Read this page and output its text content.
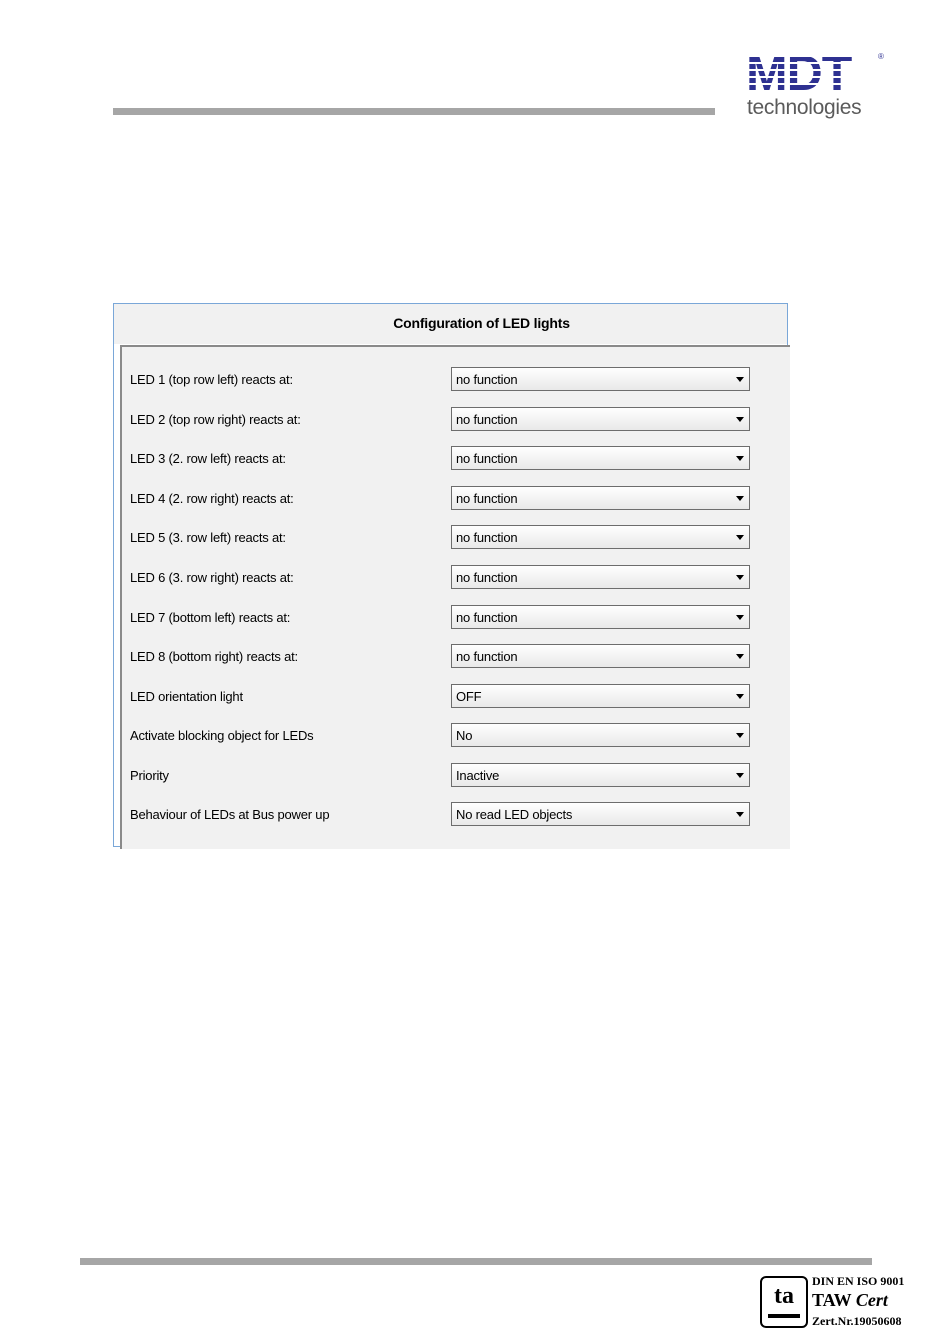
MDT	®
technologies
Configuration of LED lights
LED 1 (top row left) reacts at:	no function
LED 2 (top row right) reacts at:	no function
LED 3 (2. row left) reacts at:	no function
LED 4 (2. row right) reacts at:	no function
LED 5 (3. row left) reacts at:	no function
LED 6 (3. row right) reacts at:	no function
LED 7 (bottom left) reacts at:	no function
LED 8 (bottom right) reacts at:	no function
LED orientation light	OFF
Activate blocking object for LEDs	No
Priority	Inactive
Behaviour of LEDs at Bus power up	No read LED objects
ta
DIN EN ISO 9001
TAW Cert
Zert.Nr.19050608
